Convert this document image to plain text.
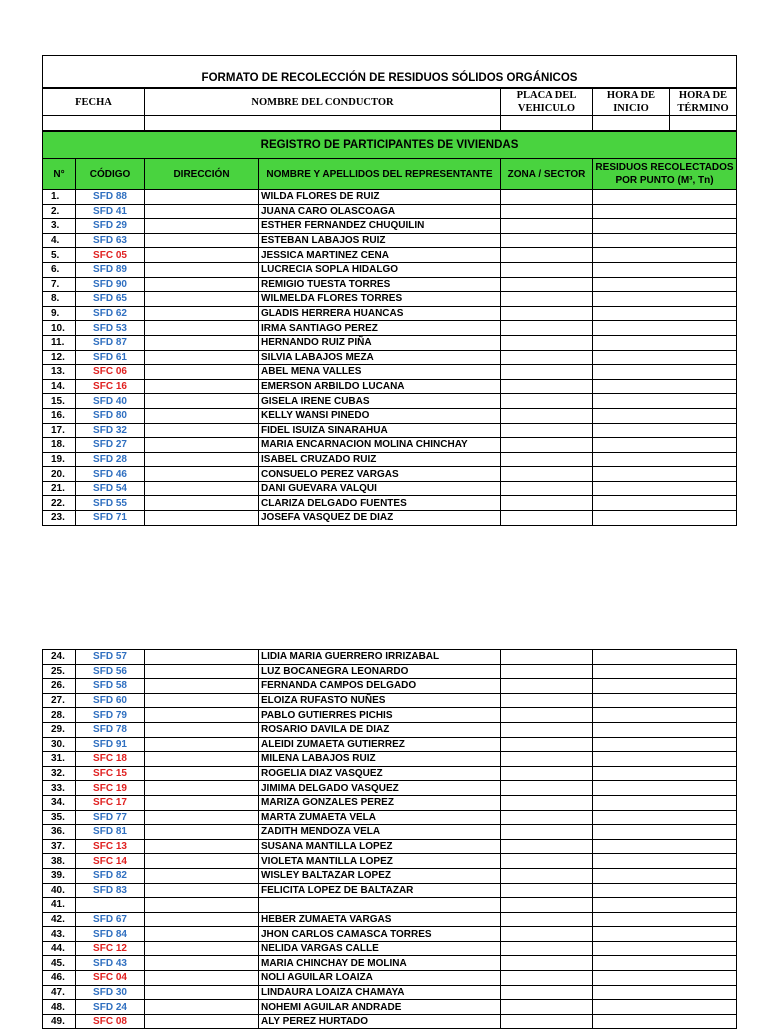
FORMATO DE RECOLECCIÓN DE RESIDUOS SÓLIDOS ORGÁNICOS
FECHA	NOMBRE DEL CONDUCTOR	PLACA DEL VEHICULO	HORA DE INICIO	HORA DE TÉRMINO

REGISTRO DE PARTICIPANTES DE VIVIENDAS					
N°	CÓDIGO	DIRECCIÓN	NOMBRE Y APELLIDOS DEL REPRESENTANTE	ZONA / SECTOR	RESIDUOS RECOLECTADOS POR PUNTO (M³, Tn)
1.	SFD 88		WILDA FLORES DE RUIZ		
2.	SFD 41		JUANA CARO OLASCOAGA		
3.	SFD 29		ESTHER FERNANDEZ CHUQUILIN		
4.	SFD 63		ESTEBAN LABAJOS RUIZ		
5.	SFC 05		JESSICA MARTINEZ CENA		
6.	SFD 89		LUCRECIA SOPLA HIDALGO		
7.	SFD 90		REMIGIO TUESTA TORRES		
8.	SFD 65		WILMELDA FLORES TORRES		
9.	SFD 62		GLADIS HERRERA HUANCAS		
10.	SFD 53		IRMA SANTIAGO PEREZ		
11.	SFD 87		HERNANDO RUIZ PIÑA		
12.	SFD 61		SILVIA LABAJOS MEZA		
13.	SFC 06		ABEL MENA VALLES		
14.	SFC 16		EMERSON ARBILDO LUCANA		
15.	SFD 40		GISELA IRENE CUBAS		
16.	SFD 80		KELLY WANSI PINEDO		
17.	SFD 32		FIDEL ISUIZA SINARAHUA		
18.	SFD 27		MARIA ENCARNACION MOLINA CHINCHAY		
19.	SFD 28		ISABEL CRUZADO RUIZ		
20.	SFD 46		CONSUELO PEREZ VARGAS		
21.	SFD 54		DANI GUEVARA VALQUI		
22.	SFD 55		CLARIZA DELGADO FUENTES		
23.	SFD 71		JOSEFA VASQUEZ DE DIAZ		
24.	SFD 57		LIDIA MARIA GUERRERO IRRIZABAL		
25.	SFD 56		LUZ BOCANEGRA LEONARDO		
26.	SFD 58		FERNANDA CAMPOS DELGADO		
27.	SFD 60		ELOIZA RUFASTO NUÑES		
28.	SFD 79		PABLO GUTIERRES PICHIS		
29.	SFD 78		ROSARIO DAVILA DE DIAZ		
30.	SFD 91		ALEIDI ZUMAETA GUTIERREZ		
31.	SFC 18		MILENA LABAJOS RUIZ		
32.	SFC 15		ROGELIA DIAZ VASQUEZ		
33.	SFC 19		JIMIMA DELGADO VASQUEZ		
34.	SFC 17		MARIZA GONZALES PEREZ		
35.	SFD 77		MARTA ZUMAETA VELA		
36.	SFD 81		ZADITH MENDOZA VELA		
37.	SFC 13		SUSANA MANTILLA LOPEZ		
38.	SFC 14		VIOLETA MANTILLA LOPEZ		
39.	SFD 82		WISLEY BALTAZAR LOPEZ		
40.	SFD 83		FELICITA LOPEZ DE BALTAZAR		
41.					
42.	SFD 67		HEBER ZUMAETA VARGAS		
43.	SFD 84		JHON CARLOS CAMASCA TORRES		
44.	SFC 12		NELIDA VARGAS CALLE		
45.	SFD 43		MARIA CHINCHAY DE MOLINA		
46.	SFC 04		NOLI AGUILAR LOAIZA		
47.	SFD 30		LINDAURA LOAIZA CHAMAYA		
48.	SFD 24		NOHEMI AGUILAR ANDRADE		
49.	SFC 08		ALY PEREZ HURTADO		
